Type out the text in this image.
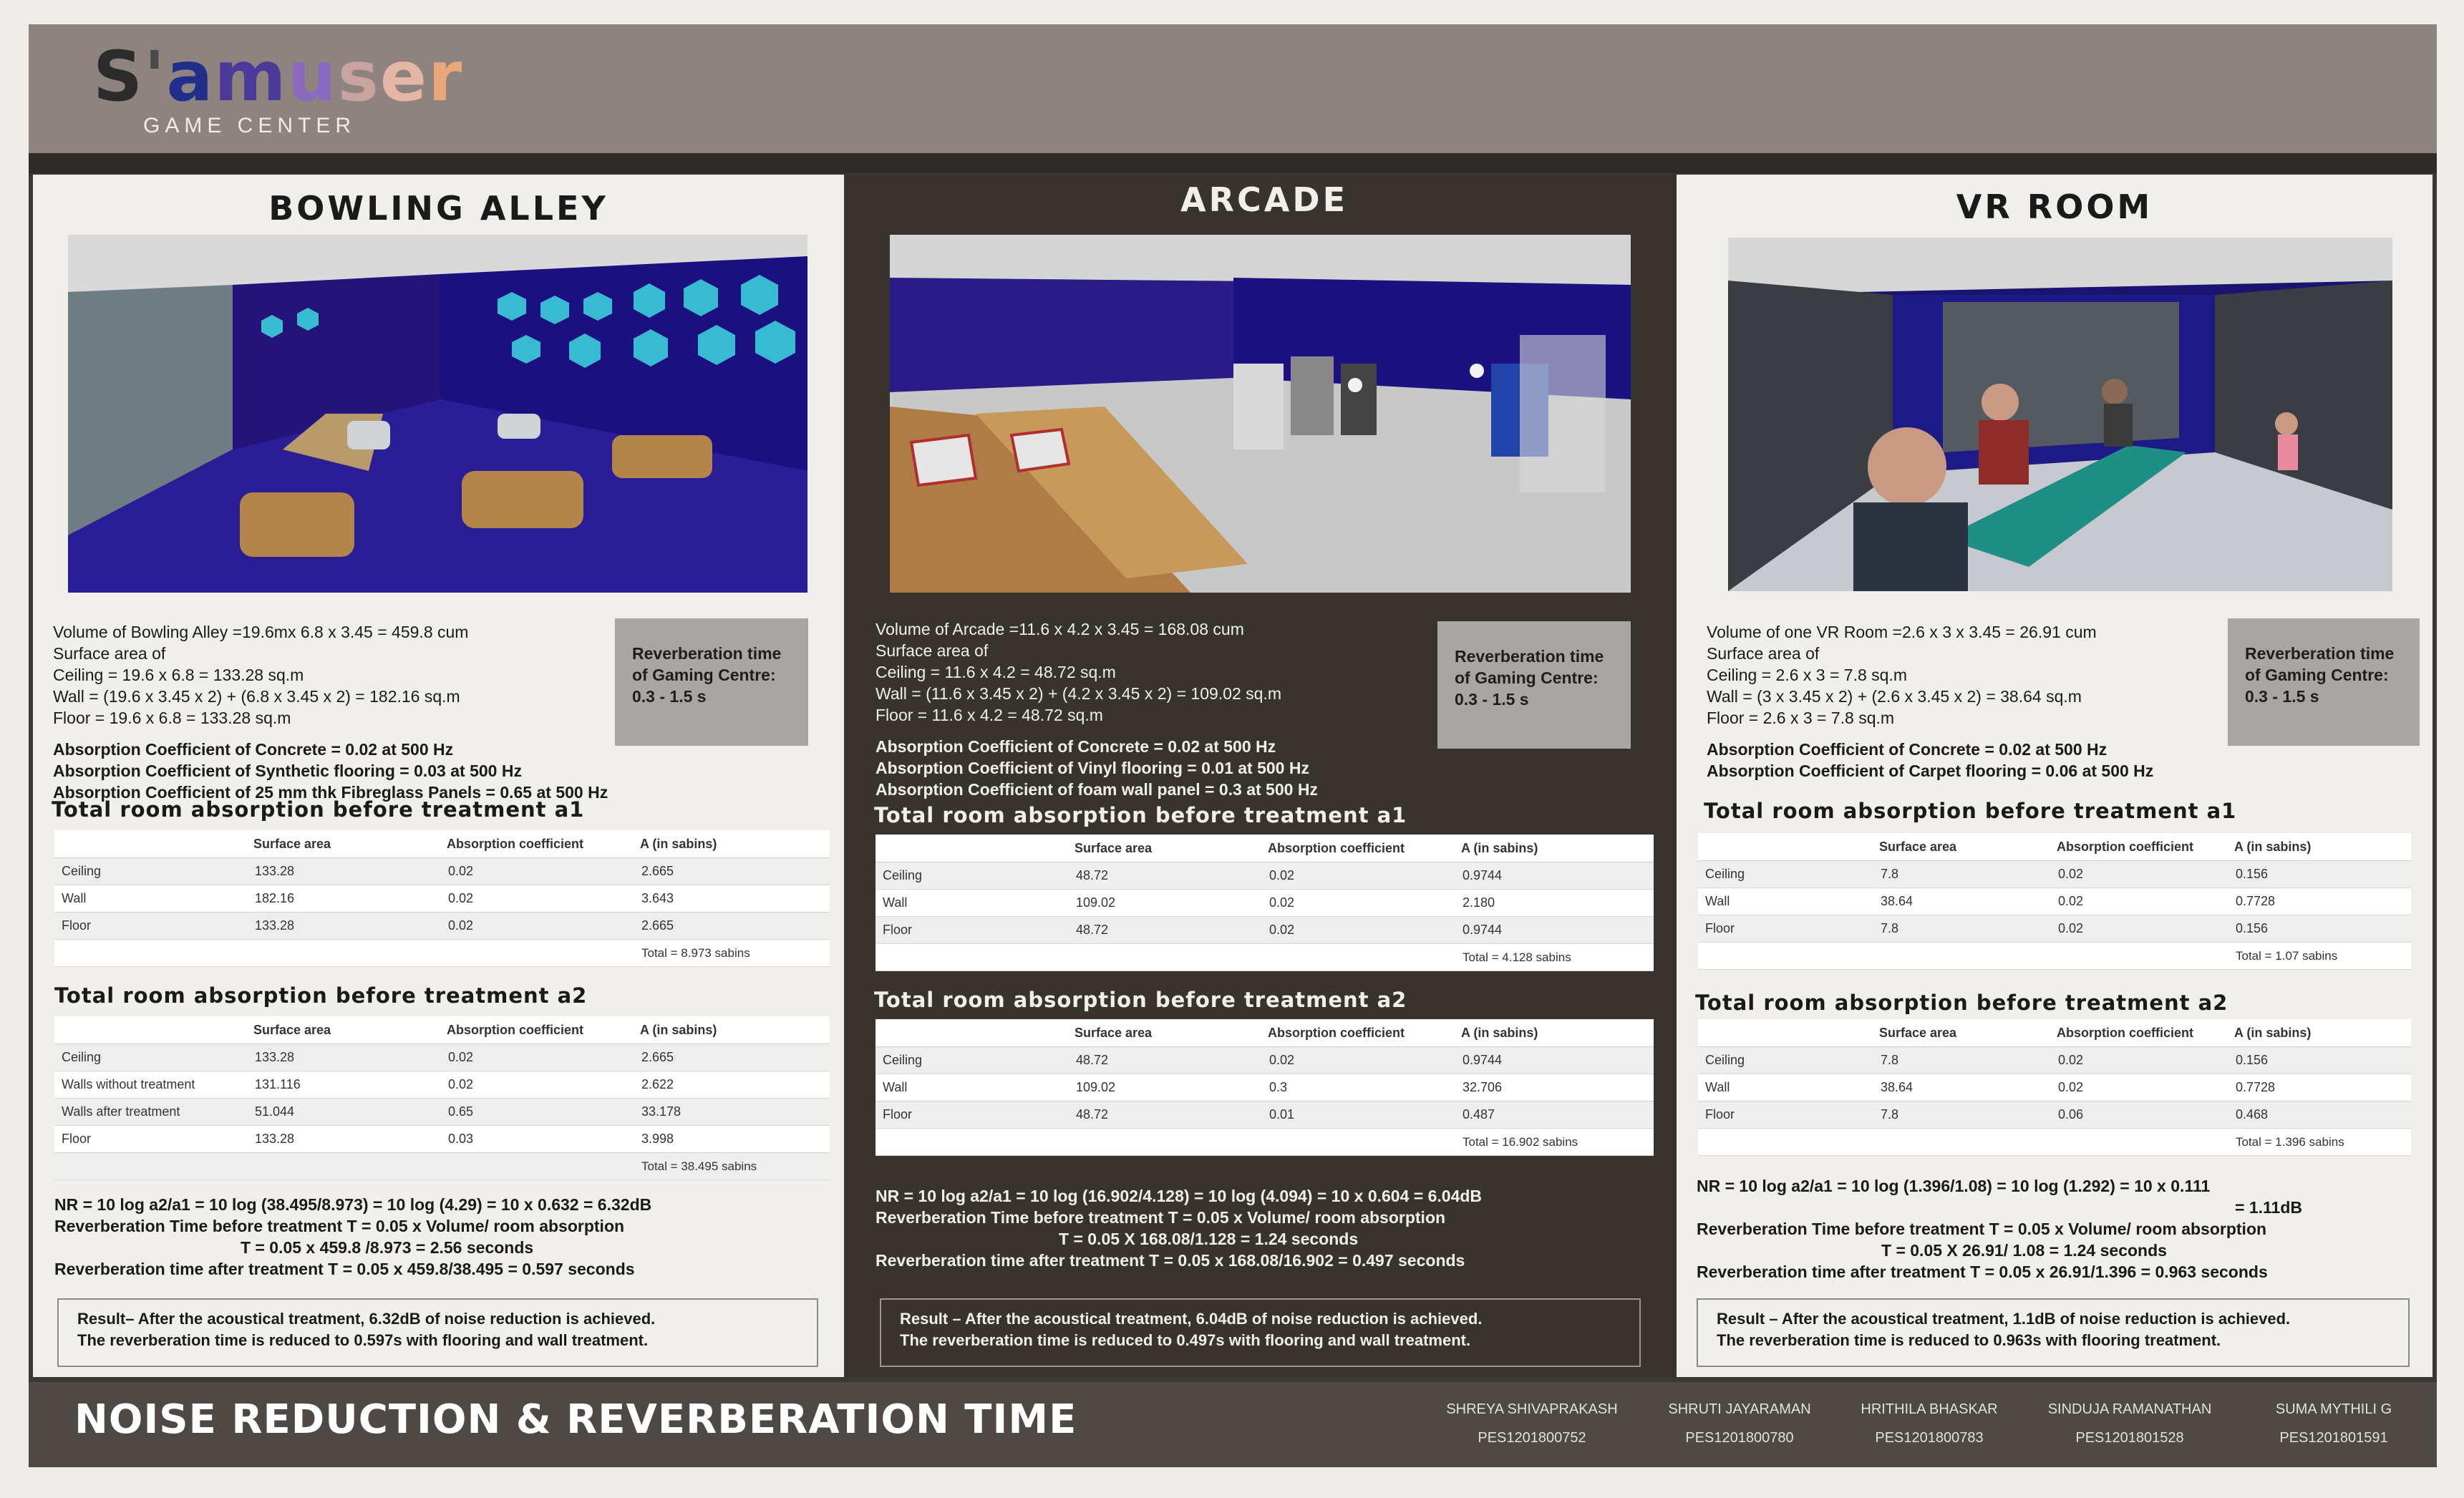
S'amuser
GAME CENTER
BOWLING ALLEY
Volume of Bowling Alley =19.6mx 6.8 x 3.45 = 459.8 cum
Surface area of
Ceiling = 19.6 x 6.8 = 133.28 sq.m
Wall = (19.6 x 3.45 x 2) + (6.8 x 3.45 x 2) = 182.16 sq.m
Floor = 19.6 x 6.8 = 133.28 sq.m
Absorption Coefficient of Concrete = 0.02 at 500 Hz
Absorption Coefficient of Synthetic flooring = 0.03 at 500 Hz
Absorption Coefficient of 25 mm thk Fibreglass Panels = 0.65 at 500 Hz
Reverberation time
of Gaming Centre:
0.3 - 1.5 s
Total room absorption before treatment a1
	Surface area	Absorption coefficient	A (in sabins)
Ceiling	133.28	0.02	2.665
Wall	182.16	0.02	3.643
Floor	133.28	0.02	2.665
			Total = 8.973 sabins
Total room absorption before treatment a2
	Surface area	Absorption coefficient	A (in sabins)
Ceiling	133.28	0.02	2.665
Walls without treatment	131.116	0.02	2.622
Walls after treatment	51.044	0.65	33.178
Floor	133.28	0.03	3.998
			Total = 38.495 sabins
NR = 10 log a2/a1 = 10 log (38.495/8.973) = 10 log (4.29) = 10 x 0.632 = 6.32dB
Reverberation Time before treatment T = 0.05 x Volume/ room absorption
T = 0.05 x 459.8 /8.973 = 2.56 seconds
Reverberation time after treatment T = 0.05 x 459.8/38.495 = 0.597 seconds
Result– After the acoustical treatment, 6.32dB of noise reduction is achieved.
The reverberation time is reduced to 0.597s with flooring and wall treatment.
ARCADE
Volume of Arcade =11.6 x 4.2 x 3.45 = 168.08 cum
Surface area of
Ceiling = 11.6 x 4.2 = 48.72 sq.m
Wall = (11.6 x 3.45 x 2) + (4.2 x 3.45 x 2) = 109.02 sq.m
Floor = 11.6 x 4.2 = 48.72 sq.m
Absorption Coefficient of Concrete = 0.02 at 500 Hz
Absorption Coefficient of Vinyl flooring = 0.01 at 500 Hz
Absorption Coefficient of foam wall panel = 0.3 at 500 Hz
Reverberation time
of Gaming Centre:
0.3 - 1.5 s
Total room absorption before treatment a1
	Surface area	Absorption coefficient	A (in sabins)
Ceiling	48.72	0.02	0.9744
Wall	109.02	0.02	2.180
Floor	48.72	0.02	0.9744
			Total = 4.128 sabins
Total room absorption before treatment a2
	Surface area	Absorption coefficient	A (in sabins)
Ceiling	48.72	0.02	0.9744
Wall	109.02	0.3	32.706
Floor	48.72	0.01	0.487
			Total = 16.902 sabins
NR = 10 log a2/a1 = 10 log (16.902/4.128) = 10 log (4.094) = 10 x 0.604 = 6.04dB
Reverberation Time before treatment T = 0.05 x Volume/ room absorption
T = 0.05 X 168.08/1.128 = 1.24 seconds
Reverberation time after treatment T = 0.05 x 168.08/16.902 = 0.497 seconds
Result – After the acoustical treatment, 6.04dB of noise reduction is achieved.
The reverberation time is reduced to 0.497s with flooring and wall treatment.
VR ROOM
Volume of one VR Room =2.6 x 3 x 3.45 = 26.91 cum
Surface area of
Ceiling = 2.6 x 3 = 7.8 sq.m
Wall = (3 x 3.45 x 2) + (2.6 x 3.45 x 2) = 38.64 sq.m
Floor = 2.6 x 3 = 7.8 sq.m
Absorption Coefficient of Concrete = 0.02 at 500 Hz
Absorption Coefficient of Carpet flooring = 0.06 at 500 Hz
Reverberation time
of Gaming Centre:
0.3 - 1.5 s
Total room absorption before treatment a1
	Surface area	Absorption coefficient	A (in sabins)
Ceiling	7.8	0.02	0.156
Wall	38.64	0.02	0.7728
Floor	7.8	0.02	0.156
			Total = 1.07 sabins
Total room absorption before treatment a2
	Surface area	Absorption coefficient	A (in sabins)
Ceiling	7.8	0.02	0.156
Wall	38.64	0.02	0.7728
Floor	7.8	0.06	0.468
			Total = 1.396 sabins
NR = 10 log a2/a1 = 10 log (1.396/1.08) = 10 log (1.292) = 10 x 0.111
= 1.11dB
Reverberation Time before treatment T = 0.05 x Volume/ room absorption
T = 0.05 X 26.91/ 1.08 = 1.24 seconds
Reverberation time after treatment T = 0.05 x 26.91/1.396 = 0.963 seconds
Result – After the acoustical treatment, 1.1dB of noise reduction is achieved.
The reverberation time is reduced to 0.963s with flooring treatment.
NOISE REDUCTION & REVERBERATION TIME	SHREYA SHIVAPRAKASH
PES1201800752
SHRUTI JAYARAMAN
PES1201800780
HRITHILA BHASKAR
PES1201800783
SINDUJA RAMANATHAN
PES1201801528
SUMA MYTHILI G
PES1201801591
